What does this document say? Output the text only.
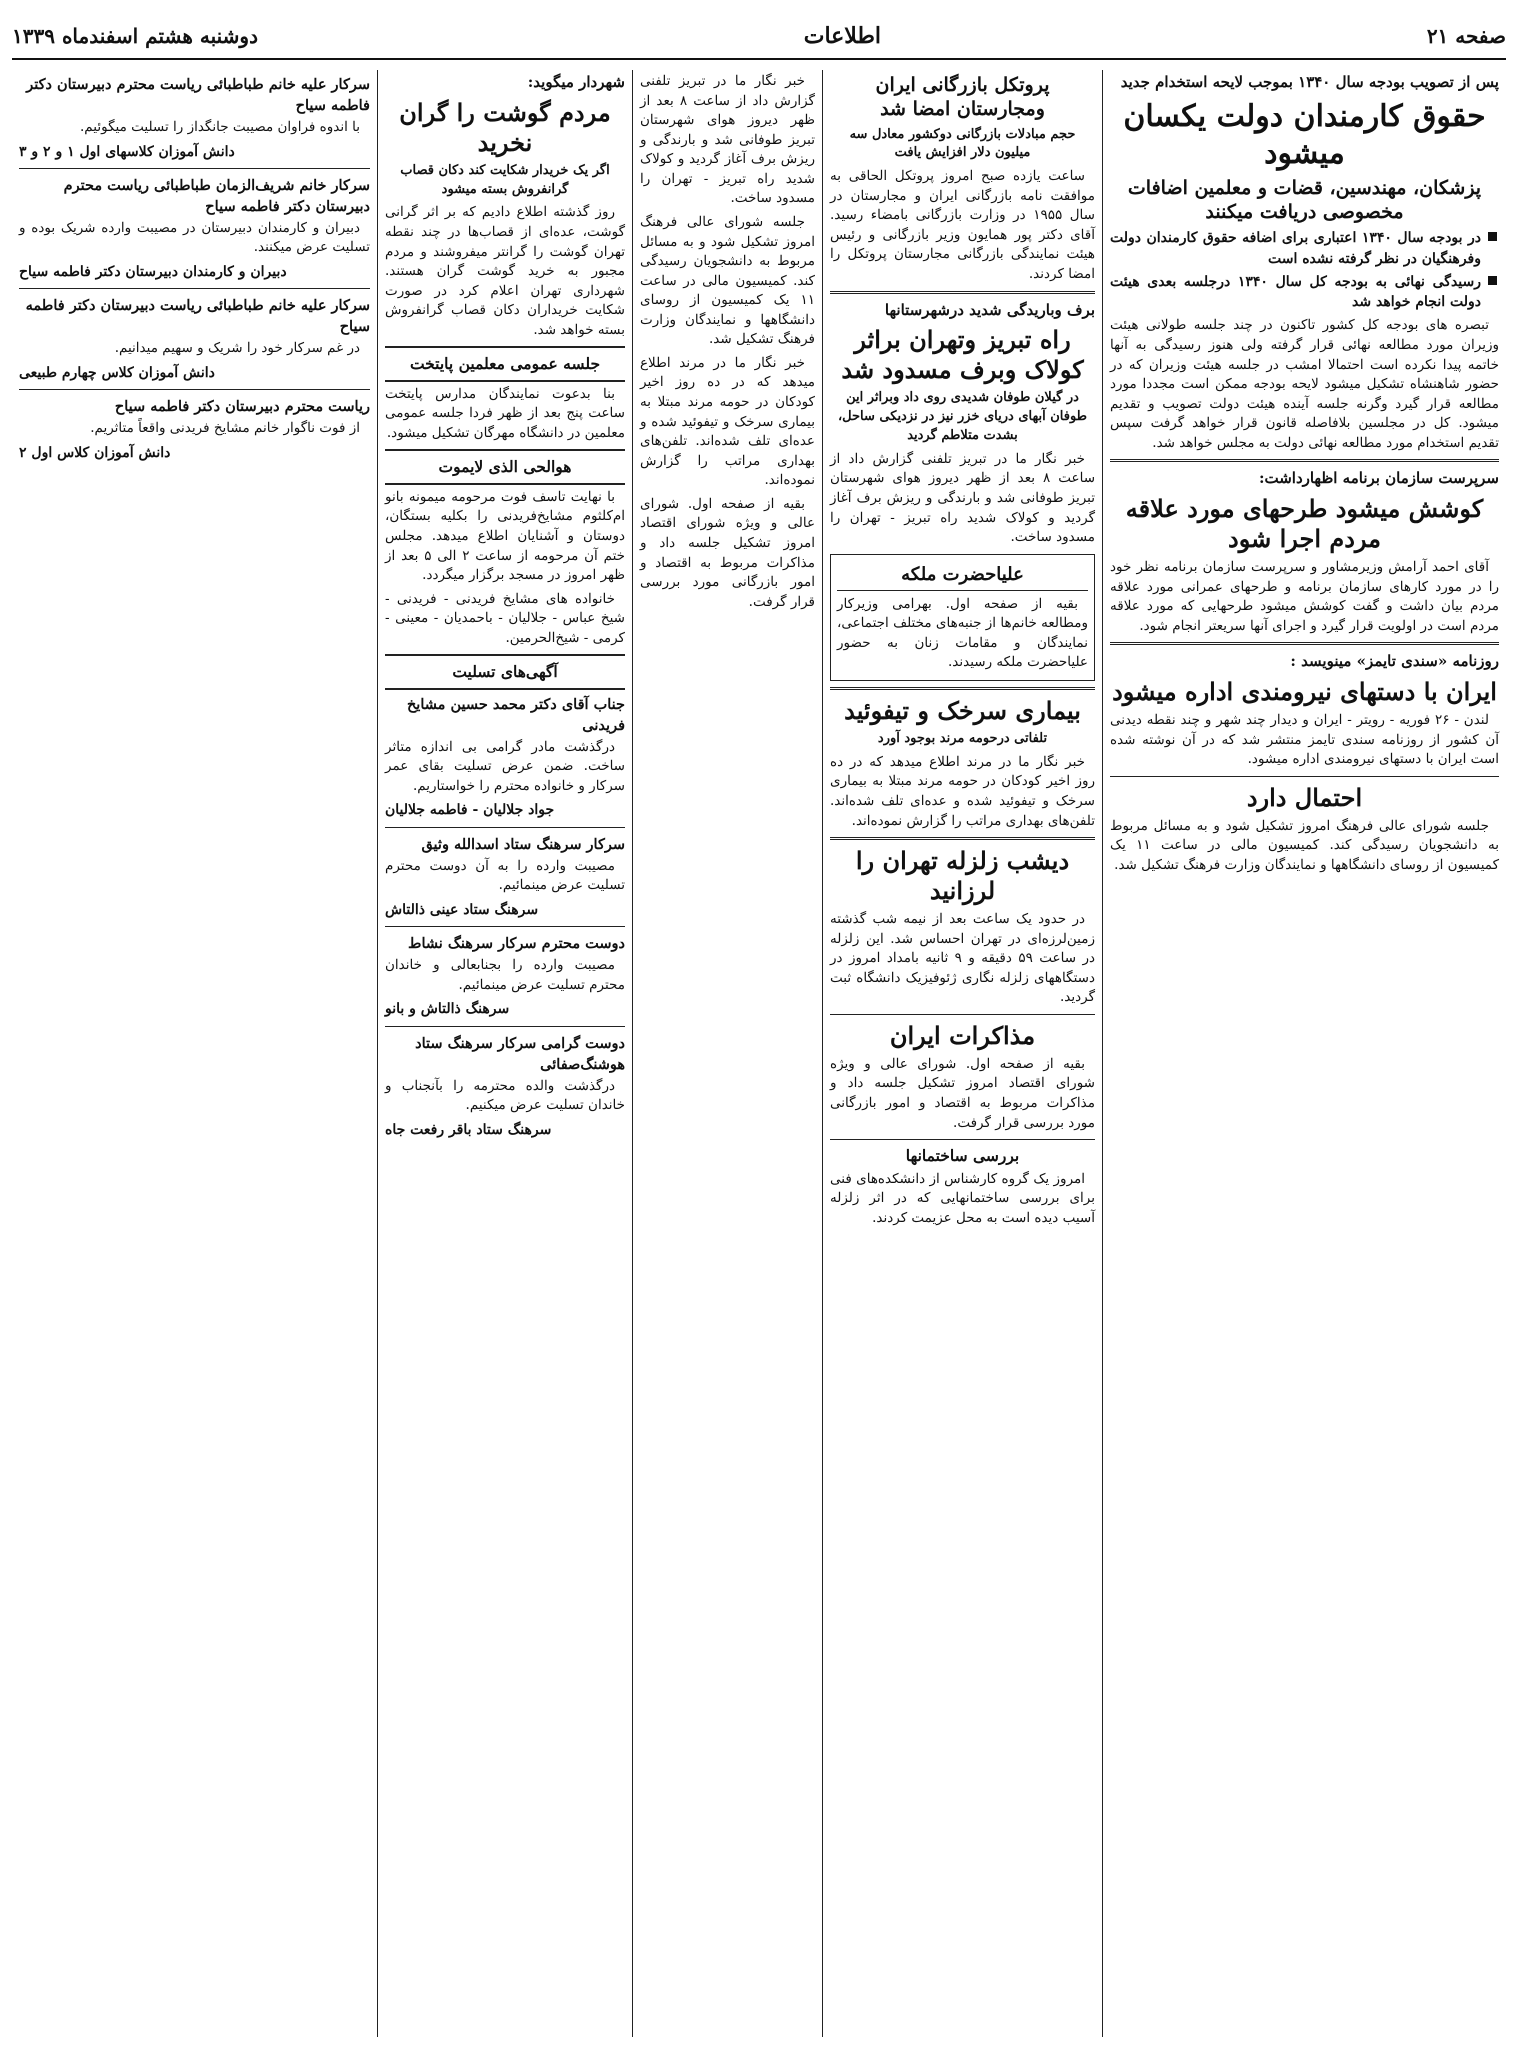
صفحه ۲۱
اطلاعات
دوشنبه هشتم اسفندماه ۱۳۳۹
پس از تصویب بودجه سال ۱۳۴۰ بموجب لایحه استخدام جدید
حقوق کارمندان دولت یکسان میشود
پزشکان، مهندسین، قضات و معلمین اضافات مخصوصی دریافت میکنند
در بودجه سال ۱۳۴۰ اعتباری برای اضافه حقوق کارمندان دولت وفرهنگیان در نظر گرفته نشده است
رسیدگی نهائی به بودجه کل سال ۱۳۴۰ درجلسه بعدی هیئت دولت انجام خواهد شد

تبصره های بودجه کل کشور تاکنون در چند جلسه طولانی هیئت وزیران مورد مطالعه نهائی قرار گرفته ولی هنوز رسیدگی به آنها خاتمه پیدا نکرده است احتمالا امشب در جلسه هیئت وزیران که در حضور شاهنشاه تشکیل میشود لایحه بودجه ممکن است مجددا مورد مطالعه قرار گیرد وگرنه جلسه آینده هیئت دولت تصویب و تقدیم میشود. کل در مجلسین بلافاصله قانون قرار خواهد گرفت سپس تقدیم استخدام مورد مطالعه نهائی دولت به مجلس خواهد شد.

سرپرست سازمان برنامه اظهارداشت:
کوشش میشود طرحهای مورد علاقه مردم اجرا شود

آقای احمد آرامش وزیرمشاور و سرپرست سازمان برنامه نظر خود را در مورد کارهای سازمان برنامه و طرحهای عمرانی مورد علاقه مردم بیان داشت و گفت کوشش میشود طرحهایی که مورد علاقه مردم است در اولویت قرار گیرد و اجرای آنها سریعتر انجام شود.

روزنامه «سندی تایمز» مینویسد :
ایران با دستهای نیرومندی اداره میشود

لندن - ۲۶ فوریه - رویتر - ایران و دیدار چند شهر و چند نقطه دیدنی آن کشور از روزنامه سندی تایمز منتشر شد که در آن نوشته شده است ایران با دستهای نیرومندی اداره میشود.

احتمال دارد

جلسه شورای عالی فرهنگ امروز تشکیل شود و به مسائل مربوط به دانشجویان رسیدگی کند. کمیسیون مالی در ساعت ۱۱ یک کمیسیون از روسای دانشگاهها و نمایندگان وزارت فرهنگ تشکیل شد.

پروتکل بازرگانی ایران ومجارستان امضا شد
حجم مبادلات بازرگانی دوکشور معادل سه میلیون دلار افزایش یافت

ساعت یازده صبح امروز پروتکل الحاقی به موافقت نامه بازرگانی ایران و مجارستان در سال ۱۹۵۵ در وزارت بازرگانی بامضاء رسید. آقای دکتر پور همایون وزیر بازرگانی و رئیس هیئت نمایندگی بازرگانی مجارستان پروتکل را امضا کردند.

برف وباریدگی شدید درشهرستانها
راه تبریز وتهران براثر کولاک وبرف مسدود شد
در گیلان طوفان شدیدی روی داد وبراثر این طوفان آبهای دریای خزر نیز در نزدیکی ساحل، بشدت متلاطم گردید

خبر نگار ما در تبریز تلفنی گزارش داد از ساعت ۸ بعد از ظهر دیروز هوای شهرستان تبریز طوفانی شد و بارندگی و ریزش برف آغاز گردید و کولاک شدید راه تبریز - تهران را مسدود ساخت.

علیاحضرت ملکه

بقیه از صفحه اول. بهرامی وزیرکار ومطالعه خانم‌ها از جنبه‌های مختلف اجتماعی، نمایندگان و مقامات زنان به حضور علیاحضرت ملکه رسیدند.

بیماری سرخک و تیفوئید
تلفاتی درحومه مرند بوجود آورد

خبر نگار ما در مرند اطلاع میدهد که در ده روز اخیر کودکان در حومه مرند مبتلا به بیماری سرخک و تیفوئید شده و عده‌ای تلف شده‌اند. تلفن‌های بهداری مراتب را گزارش نموده‌اند.

دیشب زلزله تهران را لرزانید

در حدود یک ساعت بعد از نیمه شب گذشته زمین‌لرزه‌ای در تهران احساس شد. این زلزله در ساعت ۵۹ دقیقه و ۹ ثانیه بامداد امروز در دستگاههای زلزله نگاری ژئوفیزیک دانشگاه ثبت گردید.

مذاکرات ایران

بقیه از صفحه اول. شورای عالی و ویژه شورای اقتصاد امروز تشکیل جلسه داد و مذاکرات مربوط به اقتصاد و امور بازرگانی مورد بررسی قرار گرفت.

بررسی ساختمانها

امروز یک گروه کارشناس از دانشکده‌های فنی برای بررسی ساختمانهایی که در اثر زلزله آسیب دیده است به محل عزیمت کردند.

خبر نگار ما در تبریز تلفنی گزارش داد از ساعت ۸ بعد از ظهر دیروز هوای شهرستان تبریز طوفانی شد و بارندگی و ریزش برف آغاز گردید و کولاک شدید راه تبریز - تهران را مسدود ساخت.

جلسه شورای عالی فرهنگ امروز تشکیل شود و به مسائل مربوط به دانشجویان رسیدگی کند. کمیسیون مالی در ساعت ۱۱ یک کمیسیون از روسای دانشگاهها و نمایندگان وزارت فرهنگ تشکیل شد.

خبر نگار ما در مرند اطلاع میدهد که در ده روز اخیر کودکان در حومه مرند مبتلا به بیماری سرخک و تیفوئید شده و عده‌ای تلف شده‌اند. تلفن‌های بهداری مراتب را گزارش نموده‌اند.

بقیه از صفحه اول. شورای عالی و ویژه شورای اقتصاد امروز تشکیل جلسه داد و مذاکرات مربوط به اقتصاد و امور بازرگانی مورد بررسی قرار گرفت.

شهردار میگوید:
مردم گوشت را گران نخرید
اگر یک خریدار شکایت کند دکان قصاب گرانفروش بسته میشود

روز گذشته اطلاع دادیم که بر اثر گرانی گوشت، عده‌ای از قصاب‌ها در چند نقطه تهران گوشت را گرانتر میفروشند و مردم مجبور به خرید گوشت گران هستند. شهرداری تهران اعلام کرد در صورت شکایت خریداران دکان قصاب گرانفروش بسته خواهد شد.

جلسه عمومی معلمین پایتخت

بنا بدعوت نمایندگان مدارس پایتخت ساعت پنج بعد از ظهر فردا جلسه عمومی معلمین در دانشگاه مهرگان تشکیل میشود.

هوالحی الذی لایموت

با نهایت تاسف فوت مرحومه میمونه بانو ام‌کلثوم مشایخ‌فریدنی را بکلیه بستگان، دوستان و آشنایان اطلاع میدهد. مجلس ختم آن مرحومه از ساعت ۲ الی ۵ بعد از ظهر امروز در مسجد برگزار میگردد.

خانواده های مشایخ فریدنی - فریدنی - شیخ عباس - جلالیان - باحمدیان - معینی - کرمی - شیخ‌الحرمین.

آگهی‌های تسلیت
جناب آقای دکتر محمد حسین مشایخ فریدنی

درگذشت مادر گرامی بی اندازه متاثر ساخت. ضمن عرض تسلیت بقای عمر سرکار و خانواده محترم را خواستاریم.

جواد جلالیان - فاطمه جلالیان
سرکار سرهنگ ستاد اسدالله وثیق

مصیبت وارده را به آن دوست محترم تسلیت عرض مینمائیم.

سرهنگ ستاد عینی ذالتاش
دوست محترم سرکار سرهنگ نشاط

مصیبت وارده را بجنابعالی و خاندان محترم تسلیت عرض مینمائیم.

سرهنگ ذالتاش و بانو
دوست گرامی سرکار سرهنگ ستاد هوشنگ‌صفائی

درگذشت والده محترمه را بآنجناب و خاندان تسلیت عرض میکنیم.

سرهنگ ستاد باقر رفعت جاه
سرکار علیه خانم طباطبائی ریاست محترم دبیرستان دکتر فاطمه سیاح

با اندوه فراوان مصیبت جانگداز را تسلیت میگوئیم.

دانش آموزان کلاسهای اول ۱ و ۲ و ۳
سرکار خانم شریف‌الزمان طباطبائی ریاست محترم دبیرستان دکتر فاطمه سیاح

دبیران و کارمندان دبیرستان در مصیبت وارده شریک بوده و تسلیت عرض میکنند.

دبیران و کارمندان دبیرستان دکتر فاطمه سیاح
سرکار علیه خانم طباطبائی ریاست دبیرستان دکتر فاطمه سیاح

در غم سرکار خود را شریک و سهیم میدانیم.

دانش آموزان کلاس چهارم طبیعی
ریاست محترم دبیرستان دکتر فاطمه سیاح

از فوت ناگوار خانم مشایخ فریدنی واقعاً متاثریم.

دانش آموزان کلاس اول ۲
